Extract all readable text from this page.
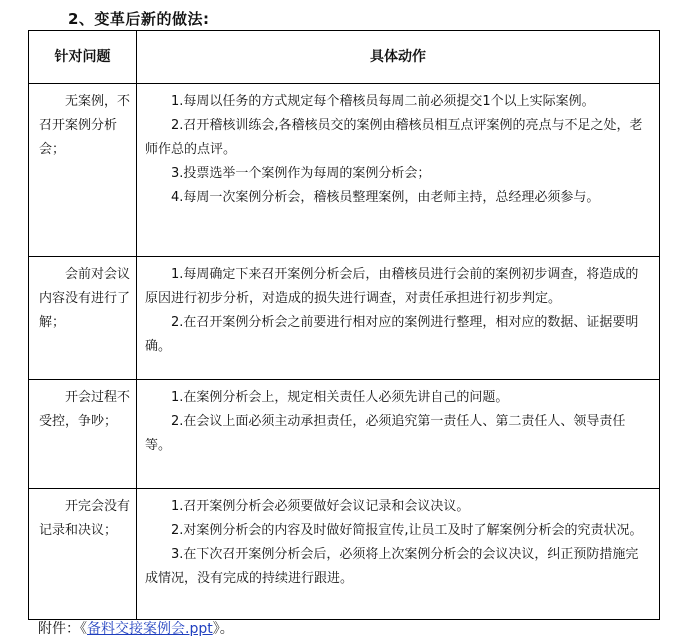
2、变革后新的做法:
针对问题	具体动作
无案例，不召开案例分析会；	1.每周以任务的方式规定每个稽核员每周二前必须提交1个以上实际案例。

2.召开稽核训练会,各稽核员交的案例由稽核员相互点评案例的亮点与不足之处，老师作总的点评。

3.投票选举一个案例作为每周的案例分析会；

4.每周一次案例分析会，稽核员整理案例，由老师主持，总经理必须参与。

会前对会议内容没有进行了解；	1.每周确定下来召开案例分析会后，由稽核员进行会前的案例初步调查，将造成的原因进行初步分析，对造成的损失进行调查，对责任承担进行初步判定。

2.在召开案例分析会之前要进行相对应的案例进行整理，相对应的数据、证据要明确。

开会过程不受控，争吵；	1.在案例分析会上，规定相关责任人必须先讲自己的问题。

2.在会议上面必须主动承担责任，必须追究第一责任人、第二责任人、领导责任等。

开完会没有记录和决议；	1.召开案例分析会必须要做好会议记录和会议决议。

2.对案例分析会的内容及时做好简报宣传,让员工及时了解案例分析会的究责状况。

3.在下次召开案例分析会后，必须将上次案例分析会的会议决议，纠正预防措施完成情况，没有完成的持续进行跟进。

附件：《备料交接案例会.ppt》。
